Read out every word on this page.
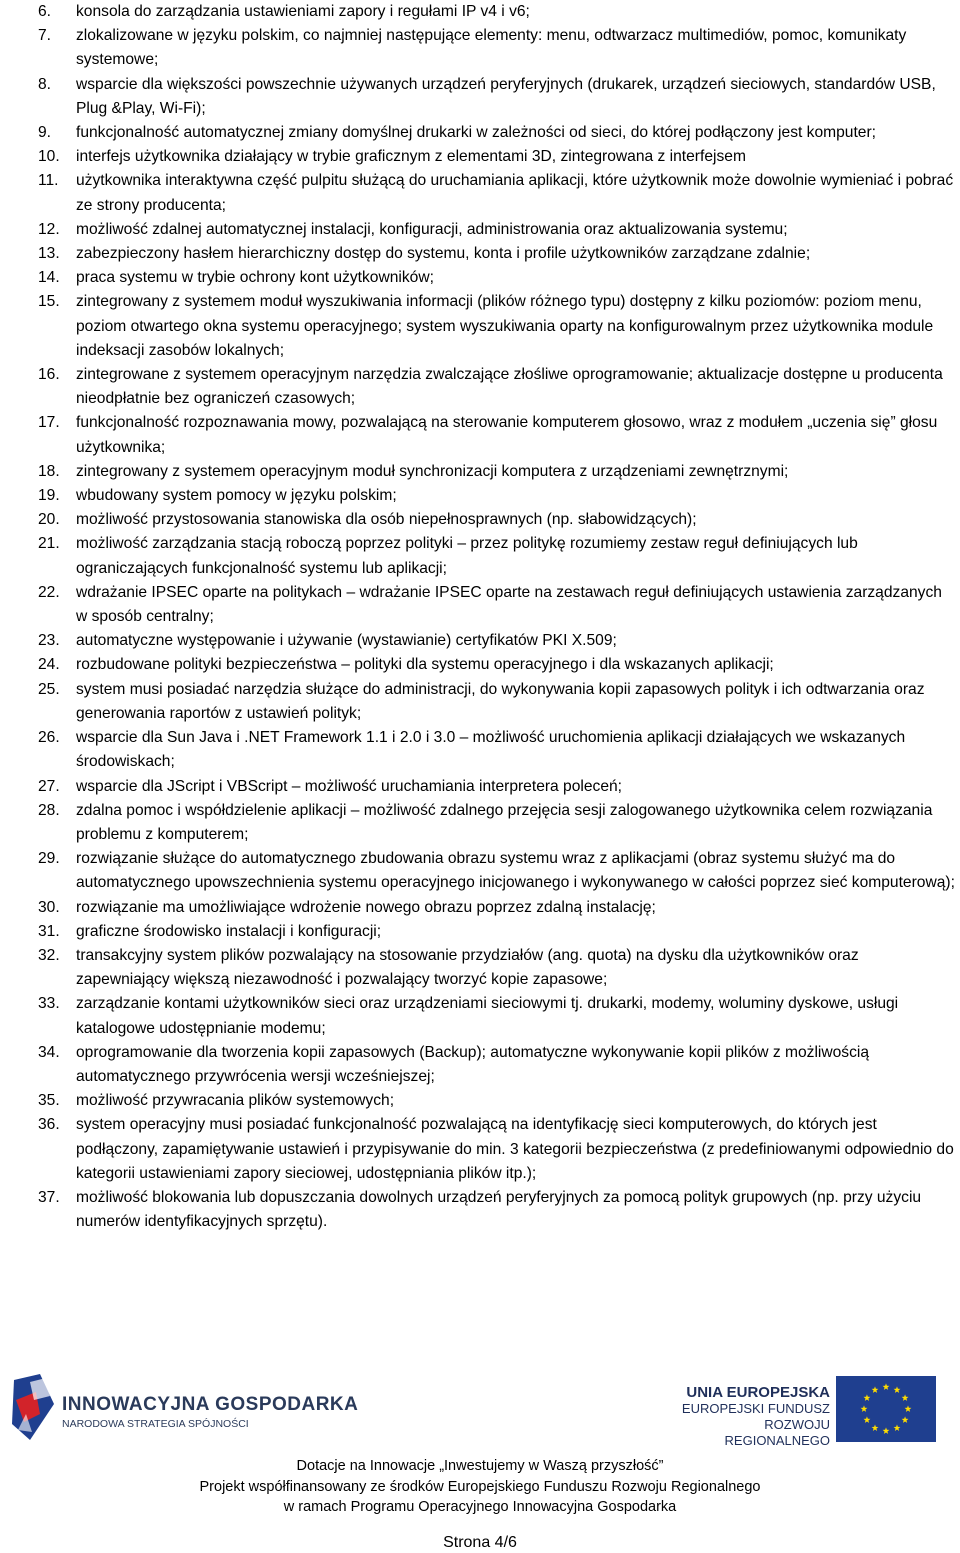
6. konsola do zarządzania ustawieniami zapory i regułami IP v4 i v6;
7. zlokalizowane w języku polskim, co najmniej następujące elementy: menu, odtwarzacz multimediów, pomoc, komunikaty systemowe;
8. wsparcie dla większości powszechnie używanych urządzeń peryferyjnych (drukarek, urządzeń sieciowych, standardów USB, Plug &Play, Wi-Fi);
9. funkcjonalność automatycznej zmiany domyślnej drukarki w zależności od sieci, do której podłączony jest komputer;
10. interfejs użytkownika działający w trybie graficznym z elementami 3D, zintegrowana z interfejsem
11. użytkownika interaktywna część pulpitu służącą do uruchamiania aplikacji, które użytkownik może dowolnie wymieniać i pobrać ze strony producenta;
12. możliwość zdalnej automatycznej instalacji, konfiguracji, administrowania oraz aktualizowania systemu;
13. zabezpieczony hasłem hierarchiczny dostęp do systemu, konta i profile użytkowników zarządzane zdalnie;
14. praca systemu w trybie ochrony kont użytkowników;
15. zintegrowany z systemem moduł wyszukiwania informacji (plików różnego typu) dostępny z kilku poziomów: poziom menu, poziom otwartego okna systemu operacyjnego; system wyszukiwania oparty na konfigurowalnym przez użytkownika module indeksacji zasobów lokalnych;
16. zintegrowane z systemem operacyjnym narzędzia zwalczające złośliwe oprogramowanie; aktualizacje dostępne u producenta nieodpłatnie bez ograniczeń czasowych;
17. funkcjonalność rozpoznawania mowy, pozwalającą na sterowanie komputerem głosowo, wraz z modułem „uczenia się” głosu użytkownika;
18. zintegrowany z systemem operacyjnym moduł synchronizacji komputera z urządzeniami zewnętrznymi;
19. wbudowany system pomocy w języku polskim;
20. możliwość przystosowania stanowiska dla osób niepełnosprawnych (np. słabowidzących);
21. możliwość zarządzania stacją roboczą poprzez polityki – przez politykę rozumiemy zestaw reguł definiujących lub ograniczających funkcjonalność systemu lub aplikacji;
22. wdrażanie IPSEC oparte na politykach – wdrażanie IPSEC oparte na zestawach reguł definiujących ustawienia zarządzanych w sposób centralny;
23. automatyczne występowanie i używanie (wystawianie) certyfikatów PKI X.509;
24. rozbudowane polityki bezpieczeństwa – polityki dla systemu operacyjnego i dla wskazanych aplikacji;
25. system musi posiadać narzędzia służące do administracji, do wykonywania kopii zapasowych polityk i ich odtwarzania oraz generowania raportów z ustawień polityk;
26. wsparcie dla Sun Java i .NET Framework 1.1 i 2.0 i 3.0 – możliwość uruchomienia aplikacji działających we wskazanych środowiskach;
27. wsparcie dla JScript i VBScript – możliwość uruchamiania interpretera poleceń;
28. zdalna pomoc i współdzielenie aplikacji – możliwość zdalnego przejęcia sesji zalogowanego użytkownika celem rozwiązania problemu z komputerem;
29. rozwiązanie służące do automatycznego zbudowania obrazu systemu wraz z aplikacjami (obraz systemu służyć ma do automatycznego upowszechnienia systemu operacyjnego inicjowanego i wykonywanego w całości poprzez sieć komputerową);
30. rozwiązanie ma umożliwiające wdrożenie nowego obrazu poprzez zdalną instalację;
31. graficzne środowisko instalacji i konfiguracji;
32. transakcyjny system plików pozwalający na stosowanie przydziałów (ang. quota) na dysku dla użytkowników oraz zapewniający większą niezawodność i pozwalający tworzyć kopie zapasowe;
33. zarządzanie kontami użytkowników sieci oraz urządzeniami sieciowymi tj. drukarki, modemy, woluminy dyskowe, usługi katalogowe udostępnianie modemu;
34. oprogramowanie dla tworzenia kopii zapasowych (Backup); automatyczne wykonywanie kopii plików z możliwością automatycznego przywrócenia wersji wcześniejszej;
35. możliwość przywracania plików systemowych;
36. system operacyjny musi posiadać funkcjonalność pozwalającą na identyfikację sieci komputerowych, do których jest podłączony, zapamiętywanie ustawień i przypisywanie do min. 3 kategorii bezpieczeństwa (z predefiniowanymi odpowiednio do kategorii ustawieniami zapory sieciowej, udostępniania plików itp.);
37. możliwość blokowania lub dopuszczania dowolnych urządzeń peryferyjnych za pomocą polityk grupowych (np. przy użyciu numerów identyfikacyjnych sprzętu).
INNOWACYJNA GOSPODARKA
NARODOWA STRATEGIA SPÓJNOŚCI
UNIA EUROPEJSKA
EUROPEJSKI FUNDUSZ
ROZWOJU REGIONALNEGO
Dotacje na Innowacje „Inwestujemy w Waszą przyszłość”
Projekt współfinansowany ze środków Europejskiego Funduszu Rozwoju Regionalnego
w ramach Programu Operacyjnego Innowacyjna Gospodarka
Strona 4/6
